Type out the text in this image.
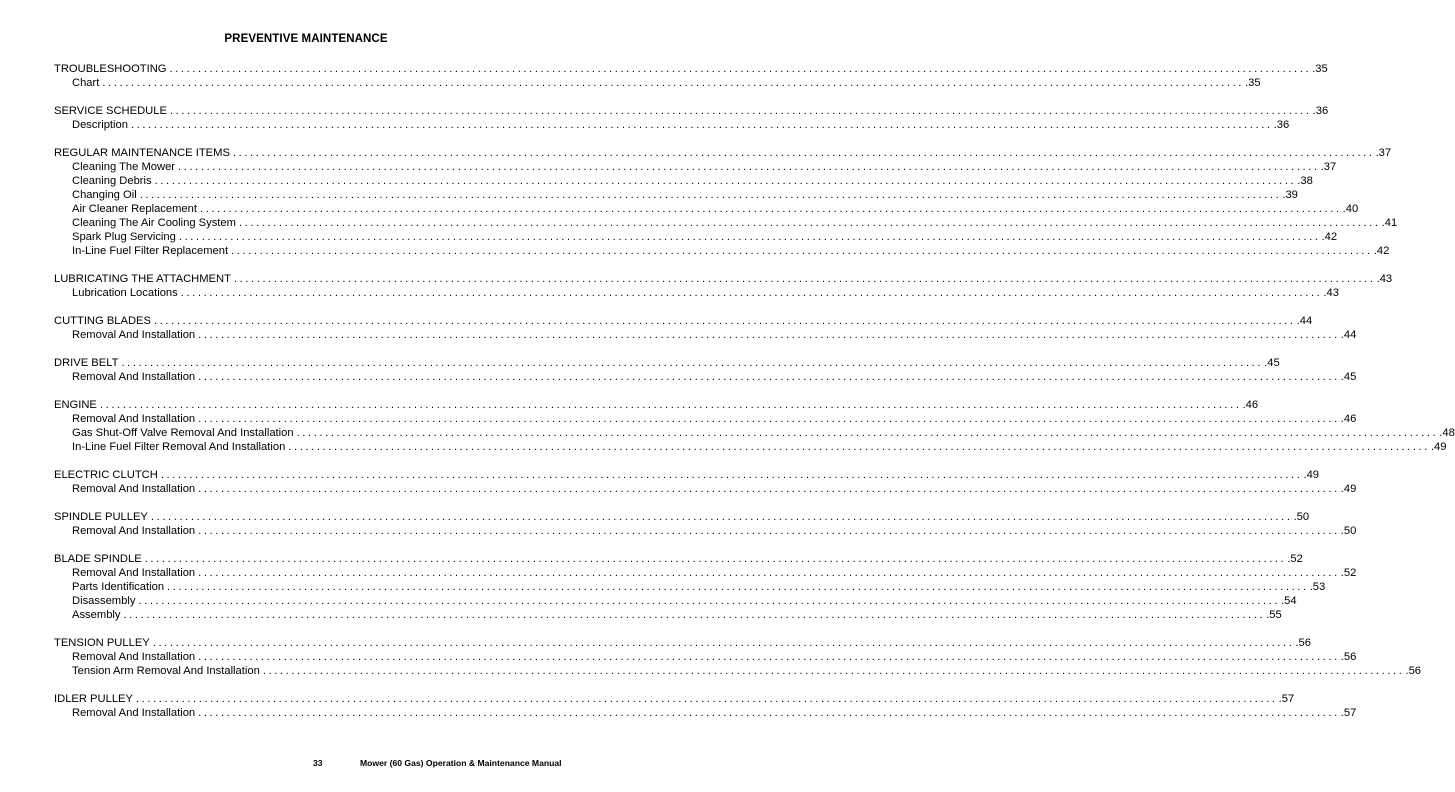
PREVENTIVE MAINTENANCE
TROUBLESHOOTING ........................................................................................................................................................................................................ .35
Chart ........................................................................................................................................................................................................ .35
SERVICE SCHEDULE ........................................................................................................................................................................................................ .36
Description ........................................................................................................................................................................................................ .36
REGULAR MAINTENANCE ITEMS ........................................................................................................................................................................................................ .37
Cleaning The Mower ........................................................................................................................................................................................................ .37
Cleaning Debris ........................................................................................................................................................................................................ .38
Changing Oil ........................................................................................................................................................................................................ .39
Air Cleaner Replacement ........................................................................................................................................................................................................ .40
Cleaning The Air Cooling System ........................................................................................................................................................................................................ .41
Spark Plug Servicing ........................................................................................................................................................................................................ .42
In-Line Fuel Filter Replacement ........................................................................................................................................................................................................ .42
LUBRICATING THE ATTACHMENT ........................................................................................................................................................................................................ .43
Lubrication Locations ........................................................................................................................................................................................................ .43
CUTTING BLADES ........................................................................................................................................................................................................ .44
Removal And Installation ........................................................................................................................................................................................................ .44
DRIVE BELT ........................................................................................................................................................................................................ .45
Removal And Installation ........................................................................................................................................................................................................ .45
ENGINE ........................................................................................................................................................................................................ .46
Removal And Installation ........................................................................................................................................................................................................ .46
Gas Shut-Off Valve Removal And Installation ........................................................................................................................................................................................................ .48
In-Line Fuel Filter Removal And Installation ........................................................................................................................................................................................................ .49
ELECTRIC CLUTCH ........................................................................................................................................................................................................ .49
Removal And Installation ........................................................................................................................................................................................................ .49
SPINDLE PULLEY ........................................................................................................................................................................................................ .50
Removal And Installation ........................................................................................................................................................................................................ .50
BLADE SPINDLE ........................................................................................................................................................................................................ .52
Removal And Installation ........................................................................................................................................................................................................ .52
Parts Identification ........................................................................................................................................................................................................ .53
Disassembly ........................................................................................................................................................................................................ .54
Assembly ........................................................................................................................................................................................................ .55
TENSION PULLEY ........................................................................................................................................................................................................ .56
Removal And Installation ........................................................................................................................................................................................................ .56
Tension Arm Removal And Installation ........................................................................................................................................................................................................ .56
IDLER PULLEY ........................................................................................................................................................................................................ .57
Removal And Installation ........................................................................................................................................................................................................ .57
33	Mower (60 Gas) Operation & Maintenance Manual
